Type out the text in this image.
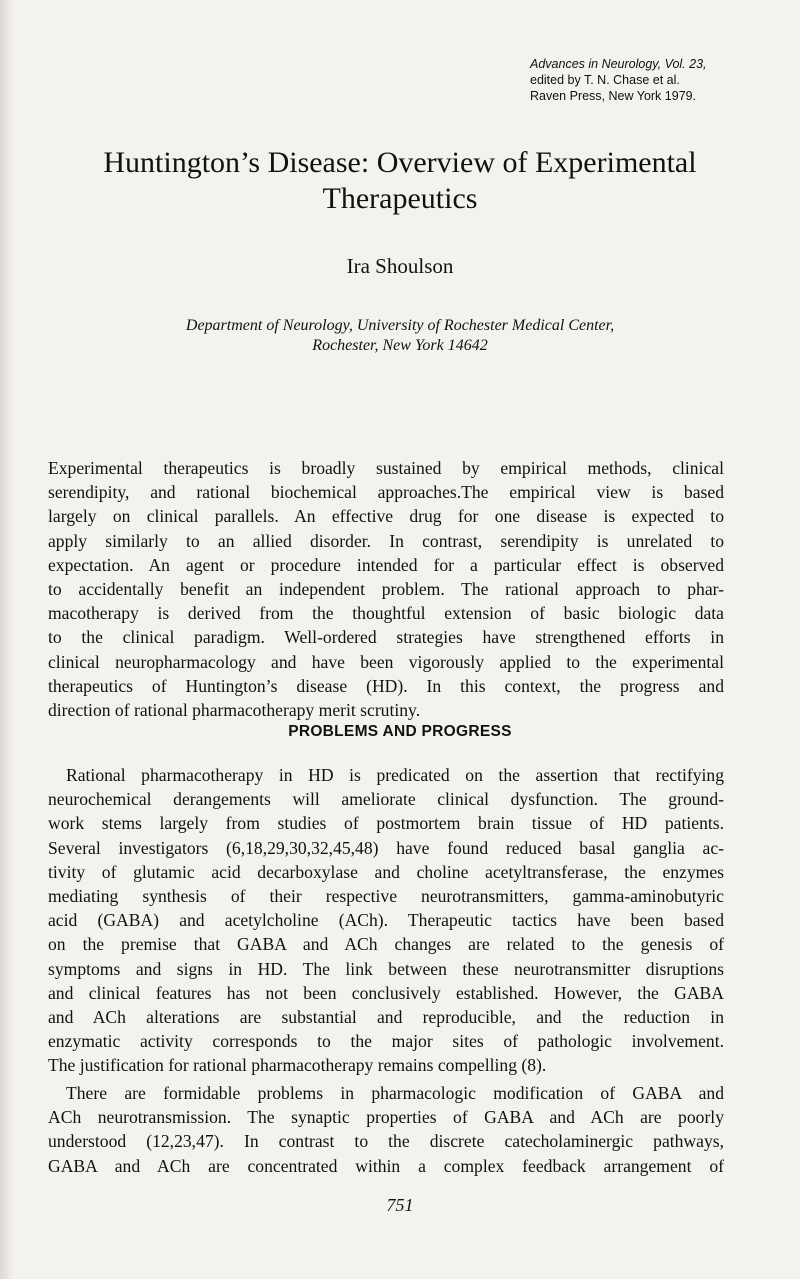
Advances in Neurology, Vol. 23,
edited by T. N. Chase et al.
Raven Press, New York 1979.
Huntington’s Disease: Overview of Experimental
Therapeutics
Ira Shoulson
Department of Neurology, University of Rochester Medical Center,
Rochester, New York 14642
Experimental therapeutics is broadly sustained by empirical methods, clinical
serendipity, and rational biochemical approaches.The empirical view is based
largely on clinical parallels. An effective drug for one disease is expected to
apply similarly to an allied disorder. In contrast, serendipity is unrelated to
expectation. An agent or procedure intended for a particular effect is observed
to accidentally benefit an independent problem. The rational approach to phar-
macotherapy is derived from the thoughtful extension of basic biologic data
to the clinical paradigm. Well-ordered strategies have strengthened efforts in
clinical neuropharmacology and have been vigorously applied to the experimental
therapeutics of Huntington’s disease (HD). In this context, the progress and
direction of rational pharmacotherapy merit scrutiny.
PROBLEMS AND PROGRESS
Rational pharmacotherapy in HD is predicated on the assertion that rectifying
neurochemical derangements will ameliorate clinical dysfunction. The ground-
work stems largely from studies of postmortem brain tissue of HD patients.
Several investigators (6,18,29,30,32,45,48) have found reduced basal ganglia ac-
tivity of glutamic acid decarboxylase and choline acetyltransferase, the enzymes
mediating synthesis of their respective neurotransmitters, gamma-aminobutyric
acid (GABA) and acetylcholine (ACh). Therapeutic tactics have been based
on the premise that GABA and ACh changes are related to the genesis of
symptoms and signs in HD. The link between these neurotransmitter disruptions
and clinical features has not been conclusively established. However, the GABA
and ACh alterations are substantial and reproducible, and the reduction in
enzymatic activity corresponds to the major sites of pathologic involvement.
The justification for rational pharmacotherapy remains compelling (8).
There are formidable problems in pharmacologic modification of GABA and
ACh neurotransmission. The synaptic properties of GABA and ACh are poorly
understood (12,23,47). In contrast to the discrete catecholaminergic pathways,
GABA and ACh are concentrated within a complex feedback arrangement of
751
